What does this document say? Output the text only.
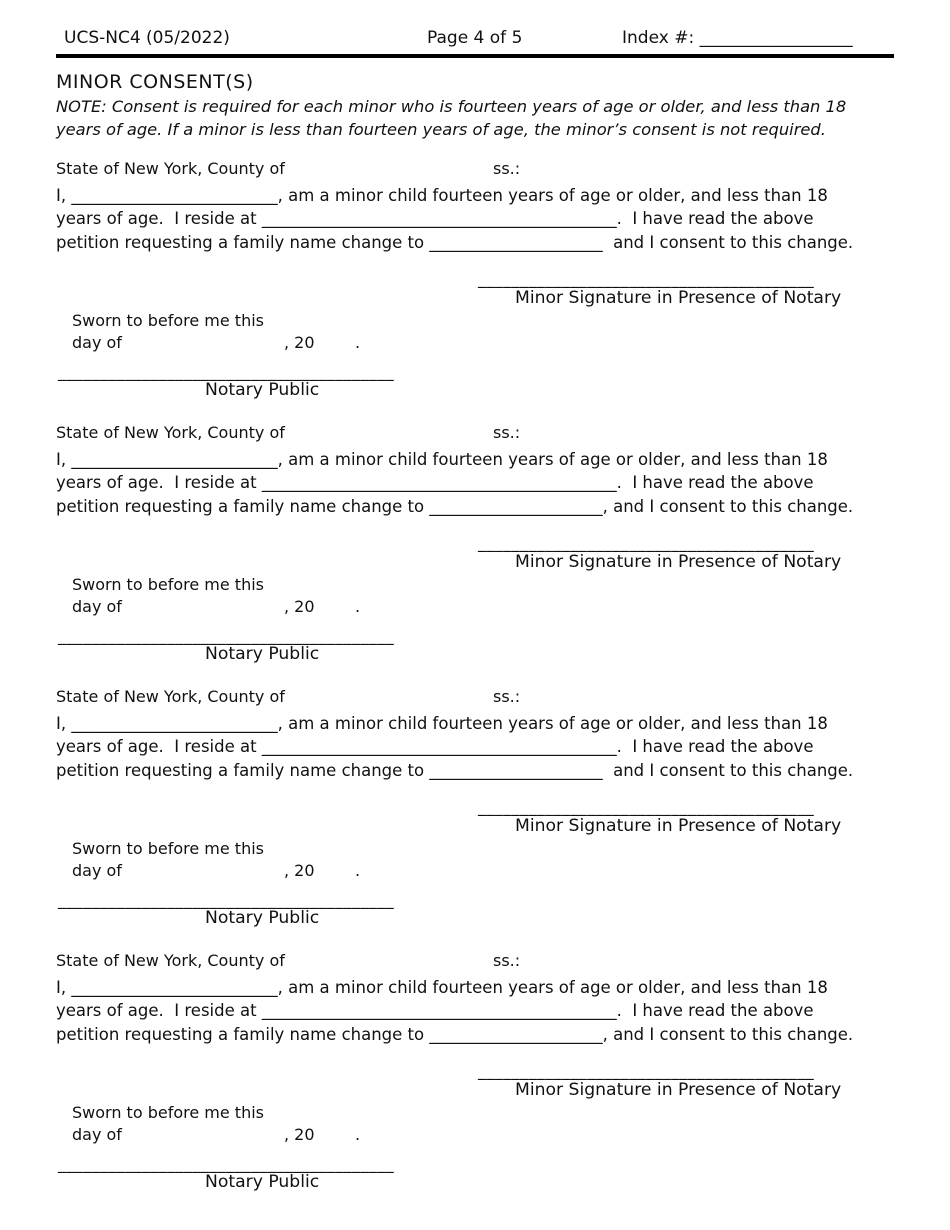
UCS-NC4 (05/2022)	Page 4 of 5	Index #: __________________
MINOR CONSENT(S)
NOTE: Consent is required for each minor who is fourteen years of age or older, and less than 18 years of age. If a minor is less than fourteen years of age, the minor’s consent is not required.
State of New York, County of	ss.:
I, _________________________, am a minor child fourteen years of age or older, and less than 18
years of age.  I reside at ___________________________________________.  I have read the above
petition requesting a family name change to _____________________  and I consent to this change.
________________________________________
Minor Signature in Presence of Notary
Sworn to before me this
day of	, 20	.
________________________________________
Notary Public
State of New York, County of	ss.:
I, _________________________, am a minor child fourteen years of age or older, and less than 18
years of age.  I reside at ___________________________________________.  I have read the above
petition requesting a family name change to _____________________, and I consent to this change.
________________________________________
Minor Signature in Presence of Notary
Sworn to before me this
day of	, 20	.
________________________________________
Notary Public
State of New York, County of	ss.:
I, _________________________, am a minor child fourteen years of age or older, and less than 18
years of age.  I reside at ___________________________________________.  I have read the above
petition requesting a family name change to _____________________  and I consent to this change.
________________________________________
Minor Signature in Presence of Notary
Sworn to before me this
day of	, 20	.
________________________________________
Notary Public
State of New York, County of	ss.:
I, _________________________, am a minor child fourteen years of age or older, and less than 18
years of age.  I reside at ___________________________________________.  I have read the above
petition requesting a family name change to _____________________, and I consent to this change.
________________________________________
Minor Signature in Presence of Notary
Sworn to before me this
day of	, 20	.
________________________________________
Notary Public
